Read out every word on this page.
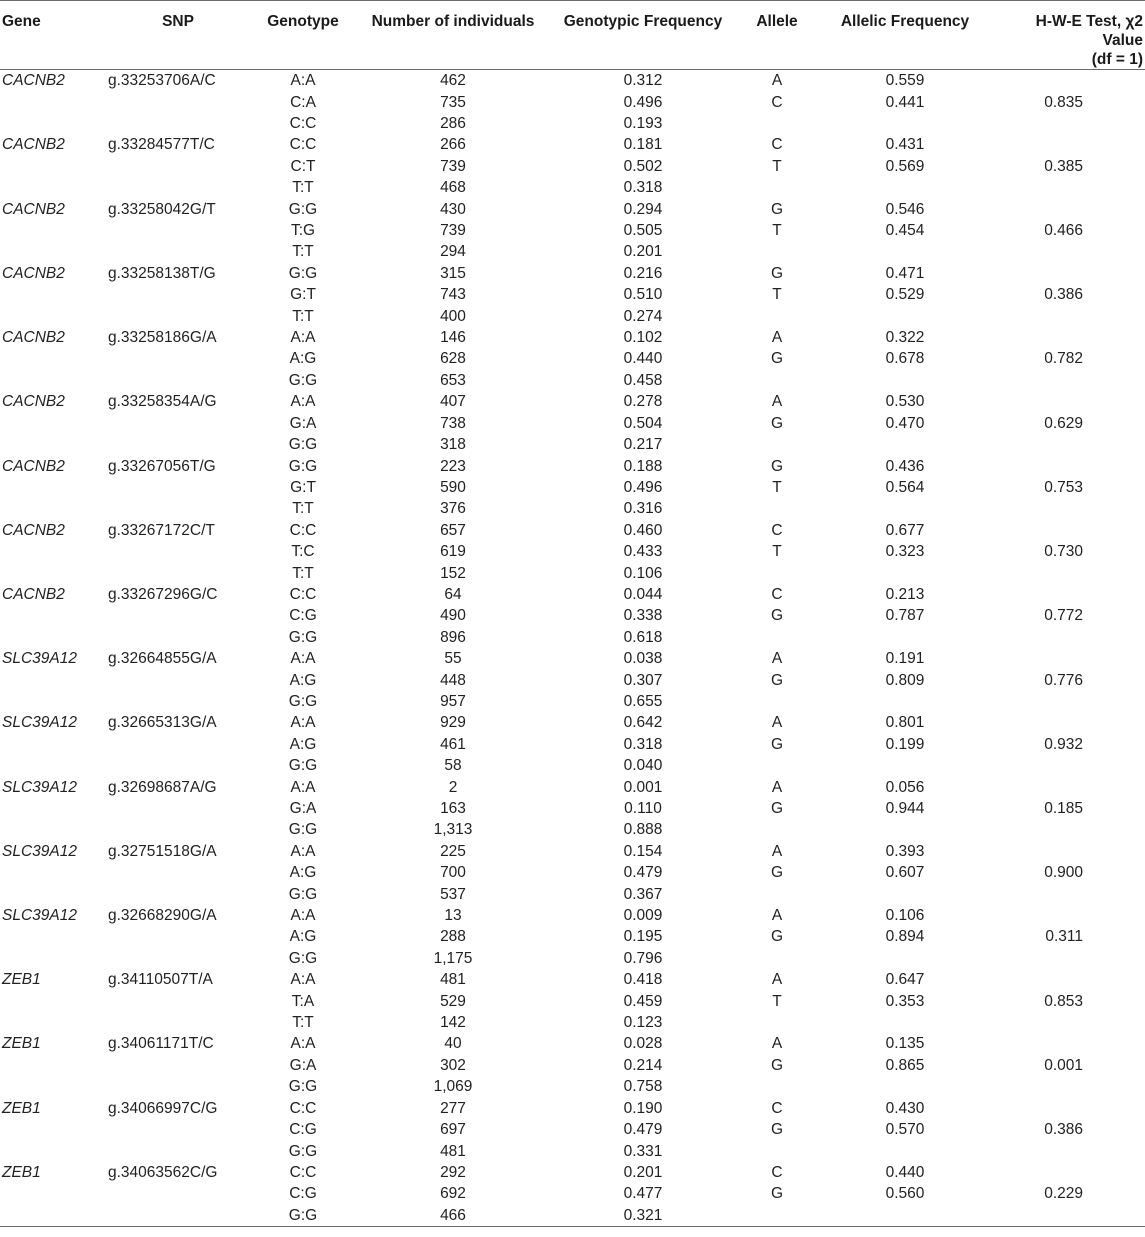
Gene	SNP	Genotype	Number of individuals	Genotypic Frequency	Allele	Allelic Frequency	H-W-E Test, χ2 Value
(df = 1)

CACNB2	g.33253706A/C	A:A	462	0.312	A	0.559	
		C:A	735	0.496	C	0.441	0.835
		C:C	286	0.193			
CACNB2	g.33284577T/C	C:C	266	0.181	C	0.431	
		C:T	739	0.502	T	0.569	0.385
		T:T	468	0.318			
CACNB2	g.33258042G/T	G:G	430	0.294	G	0.546	
		T:G	739	0.505	T	0.454	0.466
		T:T	294	0.201			
CACNB2	g.33258138T/G	G:G	315	0.216	G	0.471	
		G:T	743	0.510	T	0.529	0.386
		T:T	400	0.274			
CACNB2	g.33258186G/A	A:A	146	0.102	A	0.322	
		A:G	628	0.440	G	0.678	0.782
		G:G	653	0.458			
CACNB2	g.33258354A/G	A:A	407	0.278	A	0.530	
		G:A	738	0.504	G	0.470	0.629
		G:G	318	0.217			
CACNB2	g.33267056T/G	G:G	223	0.188	G	0.436	
		G:T	590	0.496	T	0.564	0.753
		T:T	376	0.316			
CACNB2	g.33267172C/T	C:C	657	0.460	C	0.677	
		T:C	619	0.433	T	0.323	0.730
		T:T	152	0.106			
CACNB2	g.33267296G/C	C:C	64	0.044	C	0.213	
		C:G	490	0.338	G	0.787	0.772
		G:G	896	0.618			
SLC39A12	g.32664855G/A	A:A	55	0.038	A	0.191	
		A:G	448	0.307	G	0.809	0.776
		G:G	957	0.655			
SLC39A12	g.32665313G/A	A:A	929	0.642	A	0.801	
		A:G	461	0.318	G	0.199	0.932
		G:G	58	0.040			
SLC39A12	g.32698687A/G	A:A	2	0.001	A	0.056	
		G:A	163	0.110	G	0.944	0.185
		G:G	1,313	0.888			
SLC39A12	g.32751518G/A	A:A	225	0.154	A	0.393	
		A:G	700	0.479	G	0.607	0.900
		G:G	537	0.367			
SLC39A12	g.32668290G/A	A:A	13	0.009	A	0.106	
		A:G	288	0.195	G	0.894	0.311
		G:G	1,175	0.796			
ZEB1	g.34110507T/A	A:A	481	0.418	A	0.647	
		T:A	529	0.459	T	0.353	0.853
		T:T	142	0.123			
ZEB1	g.34061171T/C	A:A	40	0.028	A	0.135	
		G:A	302	0.214	G	0.865	0.001
		G:G	1,069	0.758			
ZEB1	g.34066997C/G	C:C	277	0.190	C	0.430	
		C:G	697	0.479	G	0.570	0.386
		G:G	481	0.331			
ZEB1	g.34063562C/G	C:C	292	0.201	C	0.440	
		C:G	692	0.477	G	0.560	0.229
		G:G	466	0.321			
